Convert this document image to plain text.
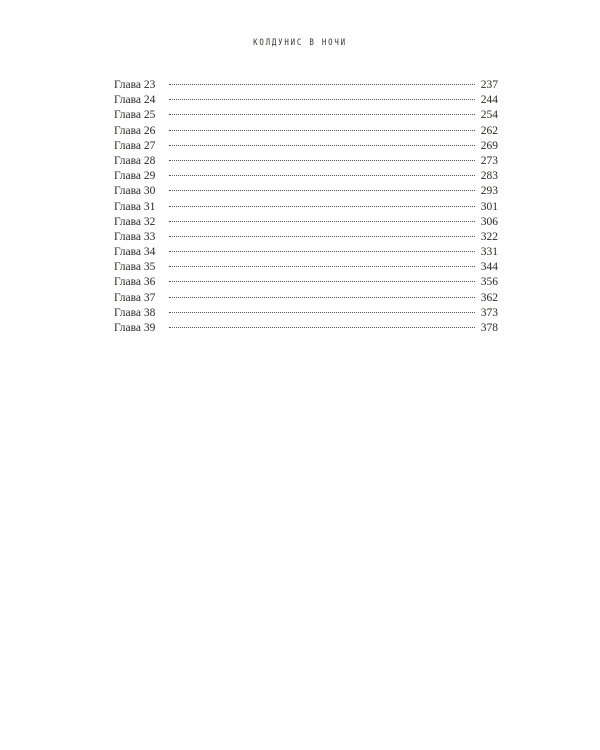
КОЛДУНИС В НОЧИ
Глава 23	237
Глава 24	244
Глава 25	254
Глава 26	262
Глава 27	269
Глава 28	273
Глава 29	283
Глава 30	293
Глава 31	301
Глава 32	306
Глава 33	322
Глава 34	331
Глава 35	344
Глава 36	356
Глава 37	362
Глава 38	373
Глава 39	378
